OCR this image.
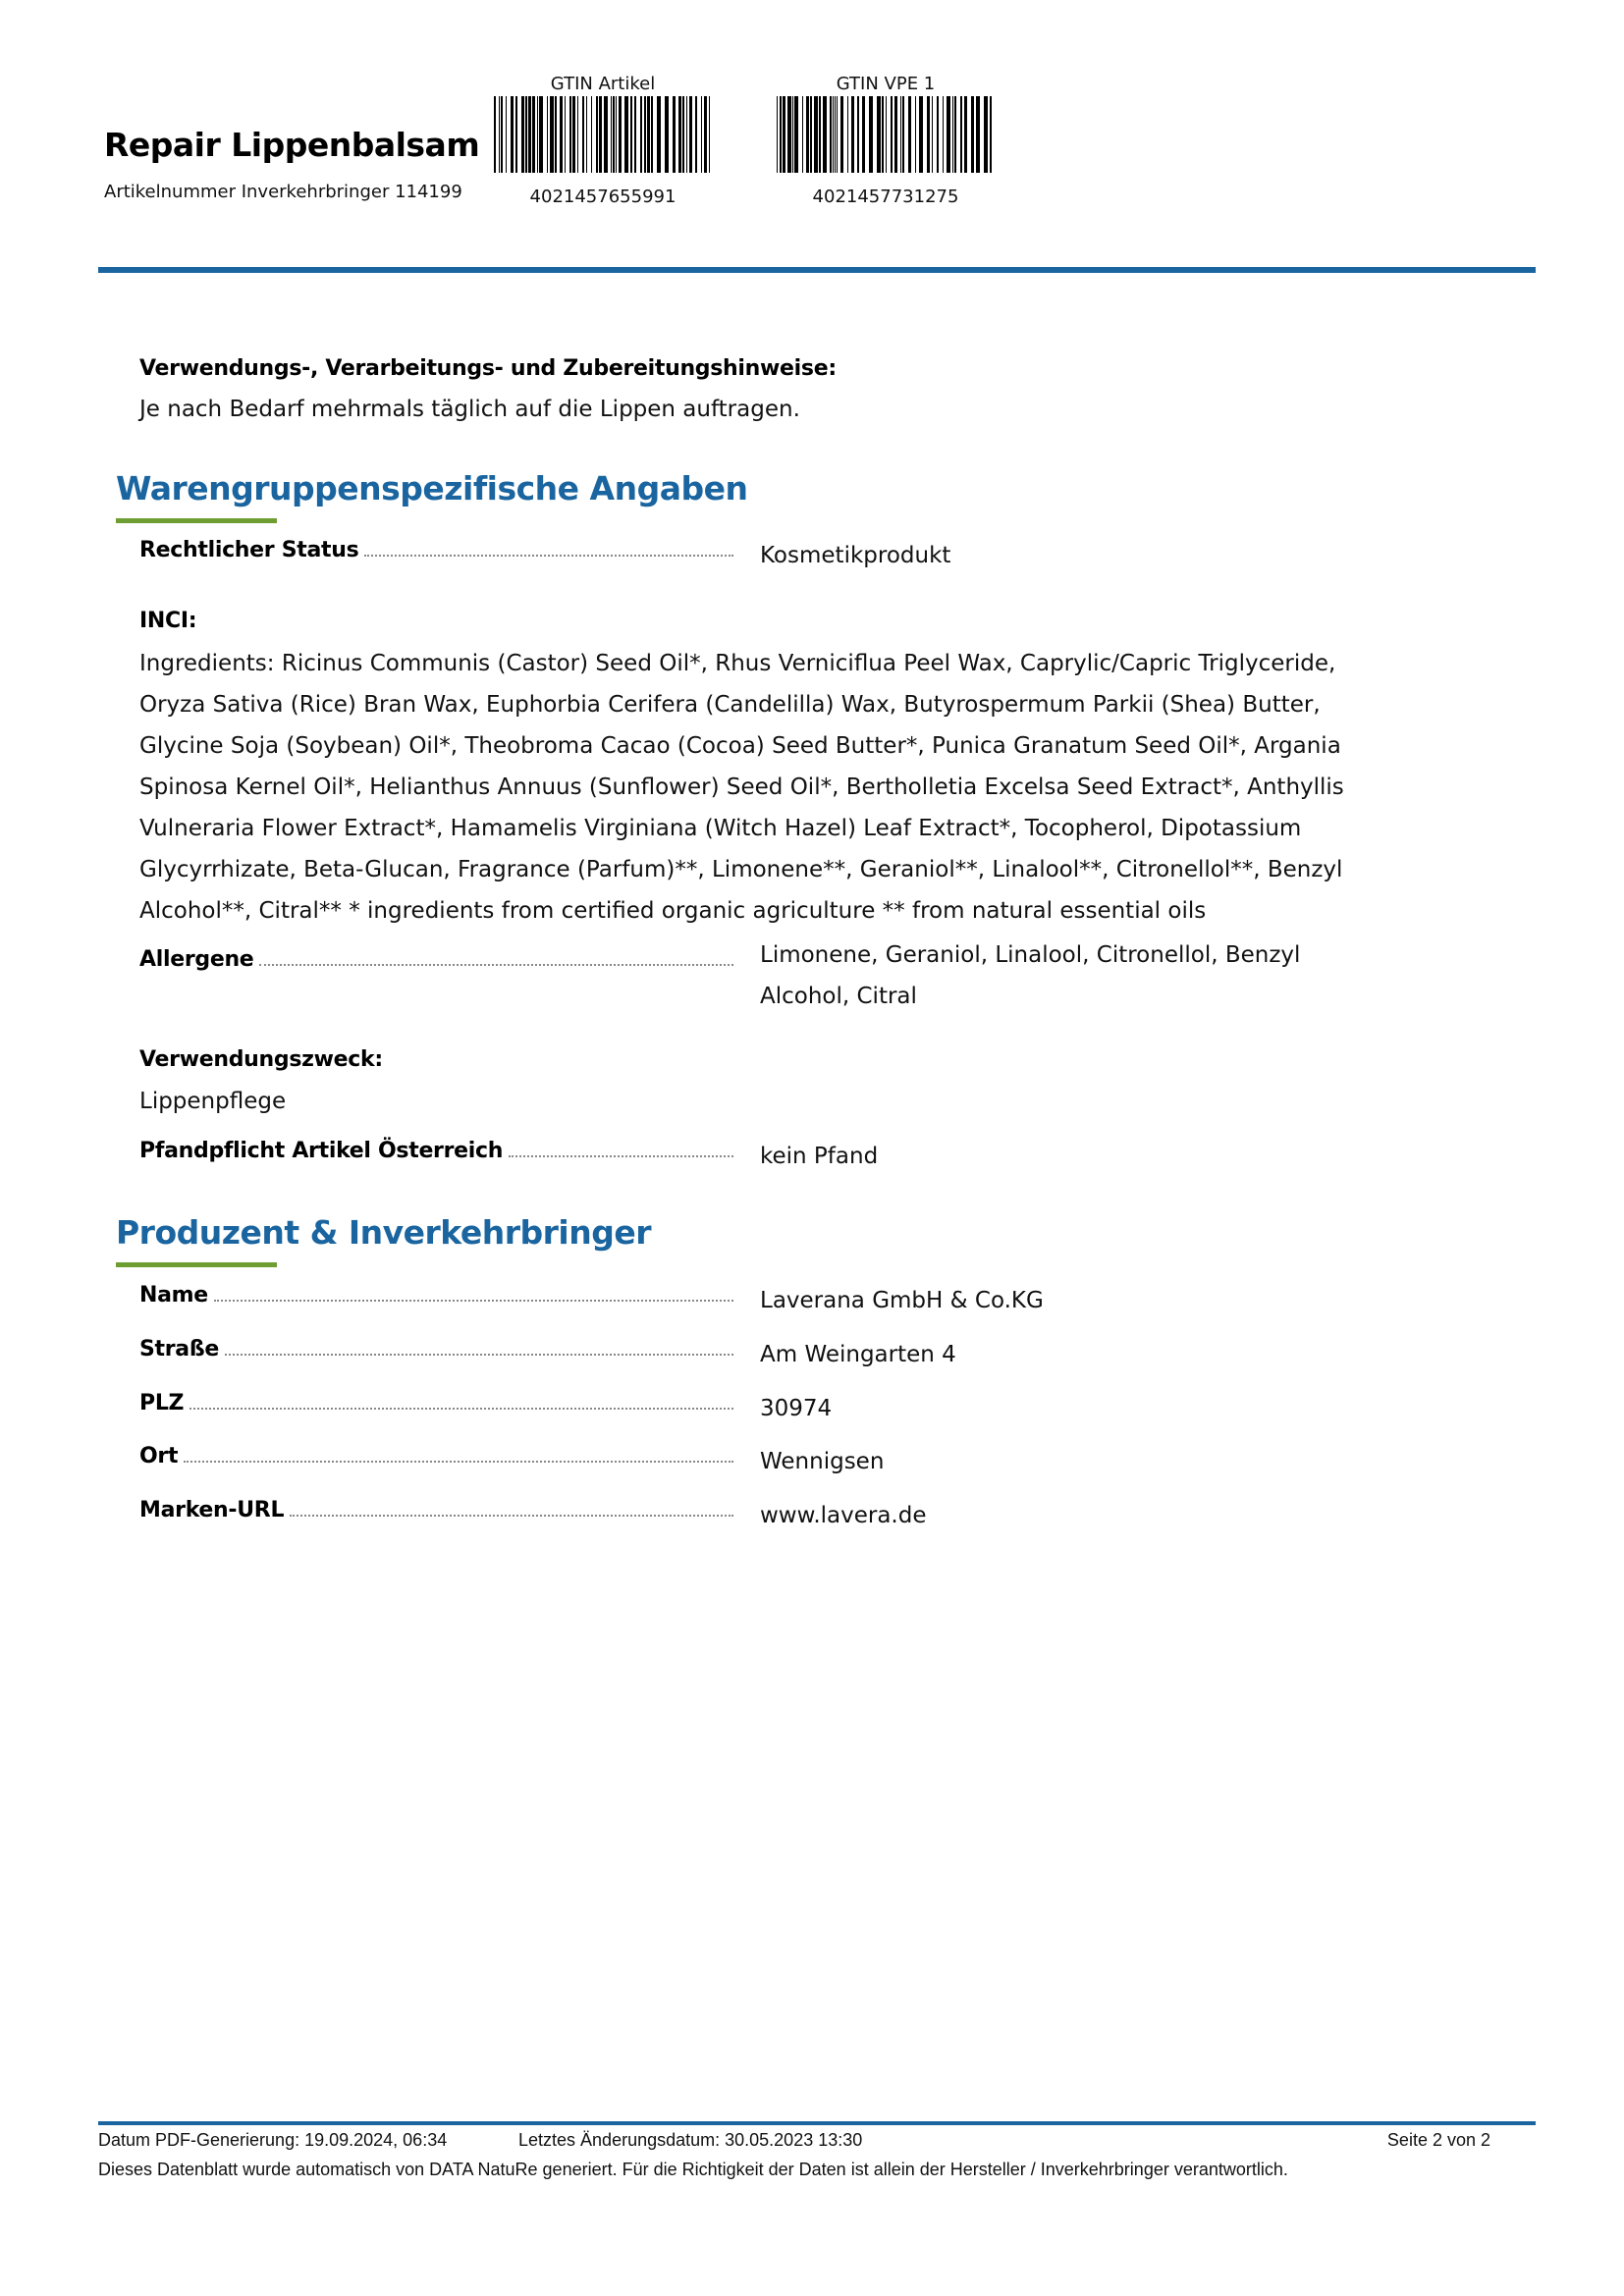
Repair Lippenbalsam
Artikelnummer Inverkehrbringer 114199
GTIN Artikel
4021457655991
GTIN VPE 1
4021457731275
Verwendungs-, Verarbeitungs- und Zubereitungshinweise:
Je nach Bedarf mehrmals täglich auf die Lippen auftragen.
Warengruppenspezifische Angaben
Rechtlicher Status	Kosmetikprodukt
INCI:
Ingredients: Ricinus Communis (Castor) Seed Oil*, Rhus Verniciflua Peel Wax, Caprylic/Capric Triglyceride, Oryza Sativa (Rice) Bran Wax, Euphorbia Cerifera (Candelilla) Wax, Butyrospermum Parkii (Shea) Butter, Glycine Soja (Soybean) Oil*, Theobroma Cacao (Cocoa) Seed Butter*, Punica Granatum Seed Oil*, Argania Spinosa Kernel Oil*, Helianthus Annuus (Sunflower) Seed Oil*, Bertholletia Excelsa Seed Extract*, Anthyllis Vulneraria Flower Extract*, Hamamelis Virginiana (Witch Hazel) Leaf Extract*, Tocopherol, Dipotassium Glycyrrhizate, Beta-Glucan, Fragrance (Parfum)**, Limonene**, Geraniol**, Linalool**, Citronellol**, Benzyl Alcohol**, Citral** * ingredients from certified organic agriculture ** from natural essential oils
Allergene	Limonene, Geraniol, Linalool, Citronellol, Benzyl
Alcohol, Citral
Verwendungszweck:
Lippenpflege
Pfandpflicht Artikel Österreich	kein Pfand
Produzent & Inverkehrbringer
Name	Laverana GmbH & Co.KG
Straße	Am Weingarten 4
PLZ	30974
Ort	Wennigsen
Marken-URL	www.lavera.de
Datum PDF-Generierung: 19.09.2024, 06:34	Letztes Änderungsdatum: 30.05.2023 13:30	Seite 2 von 2
Dieses Datenblatt wurde automatisch von DATA NatuRe generiert. Für die Richtigkeit der Daten ist allein der Hersteller / Inverkehrbringer verantwortlich.
